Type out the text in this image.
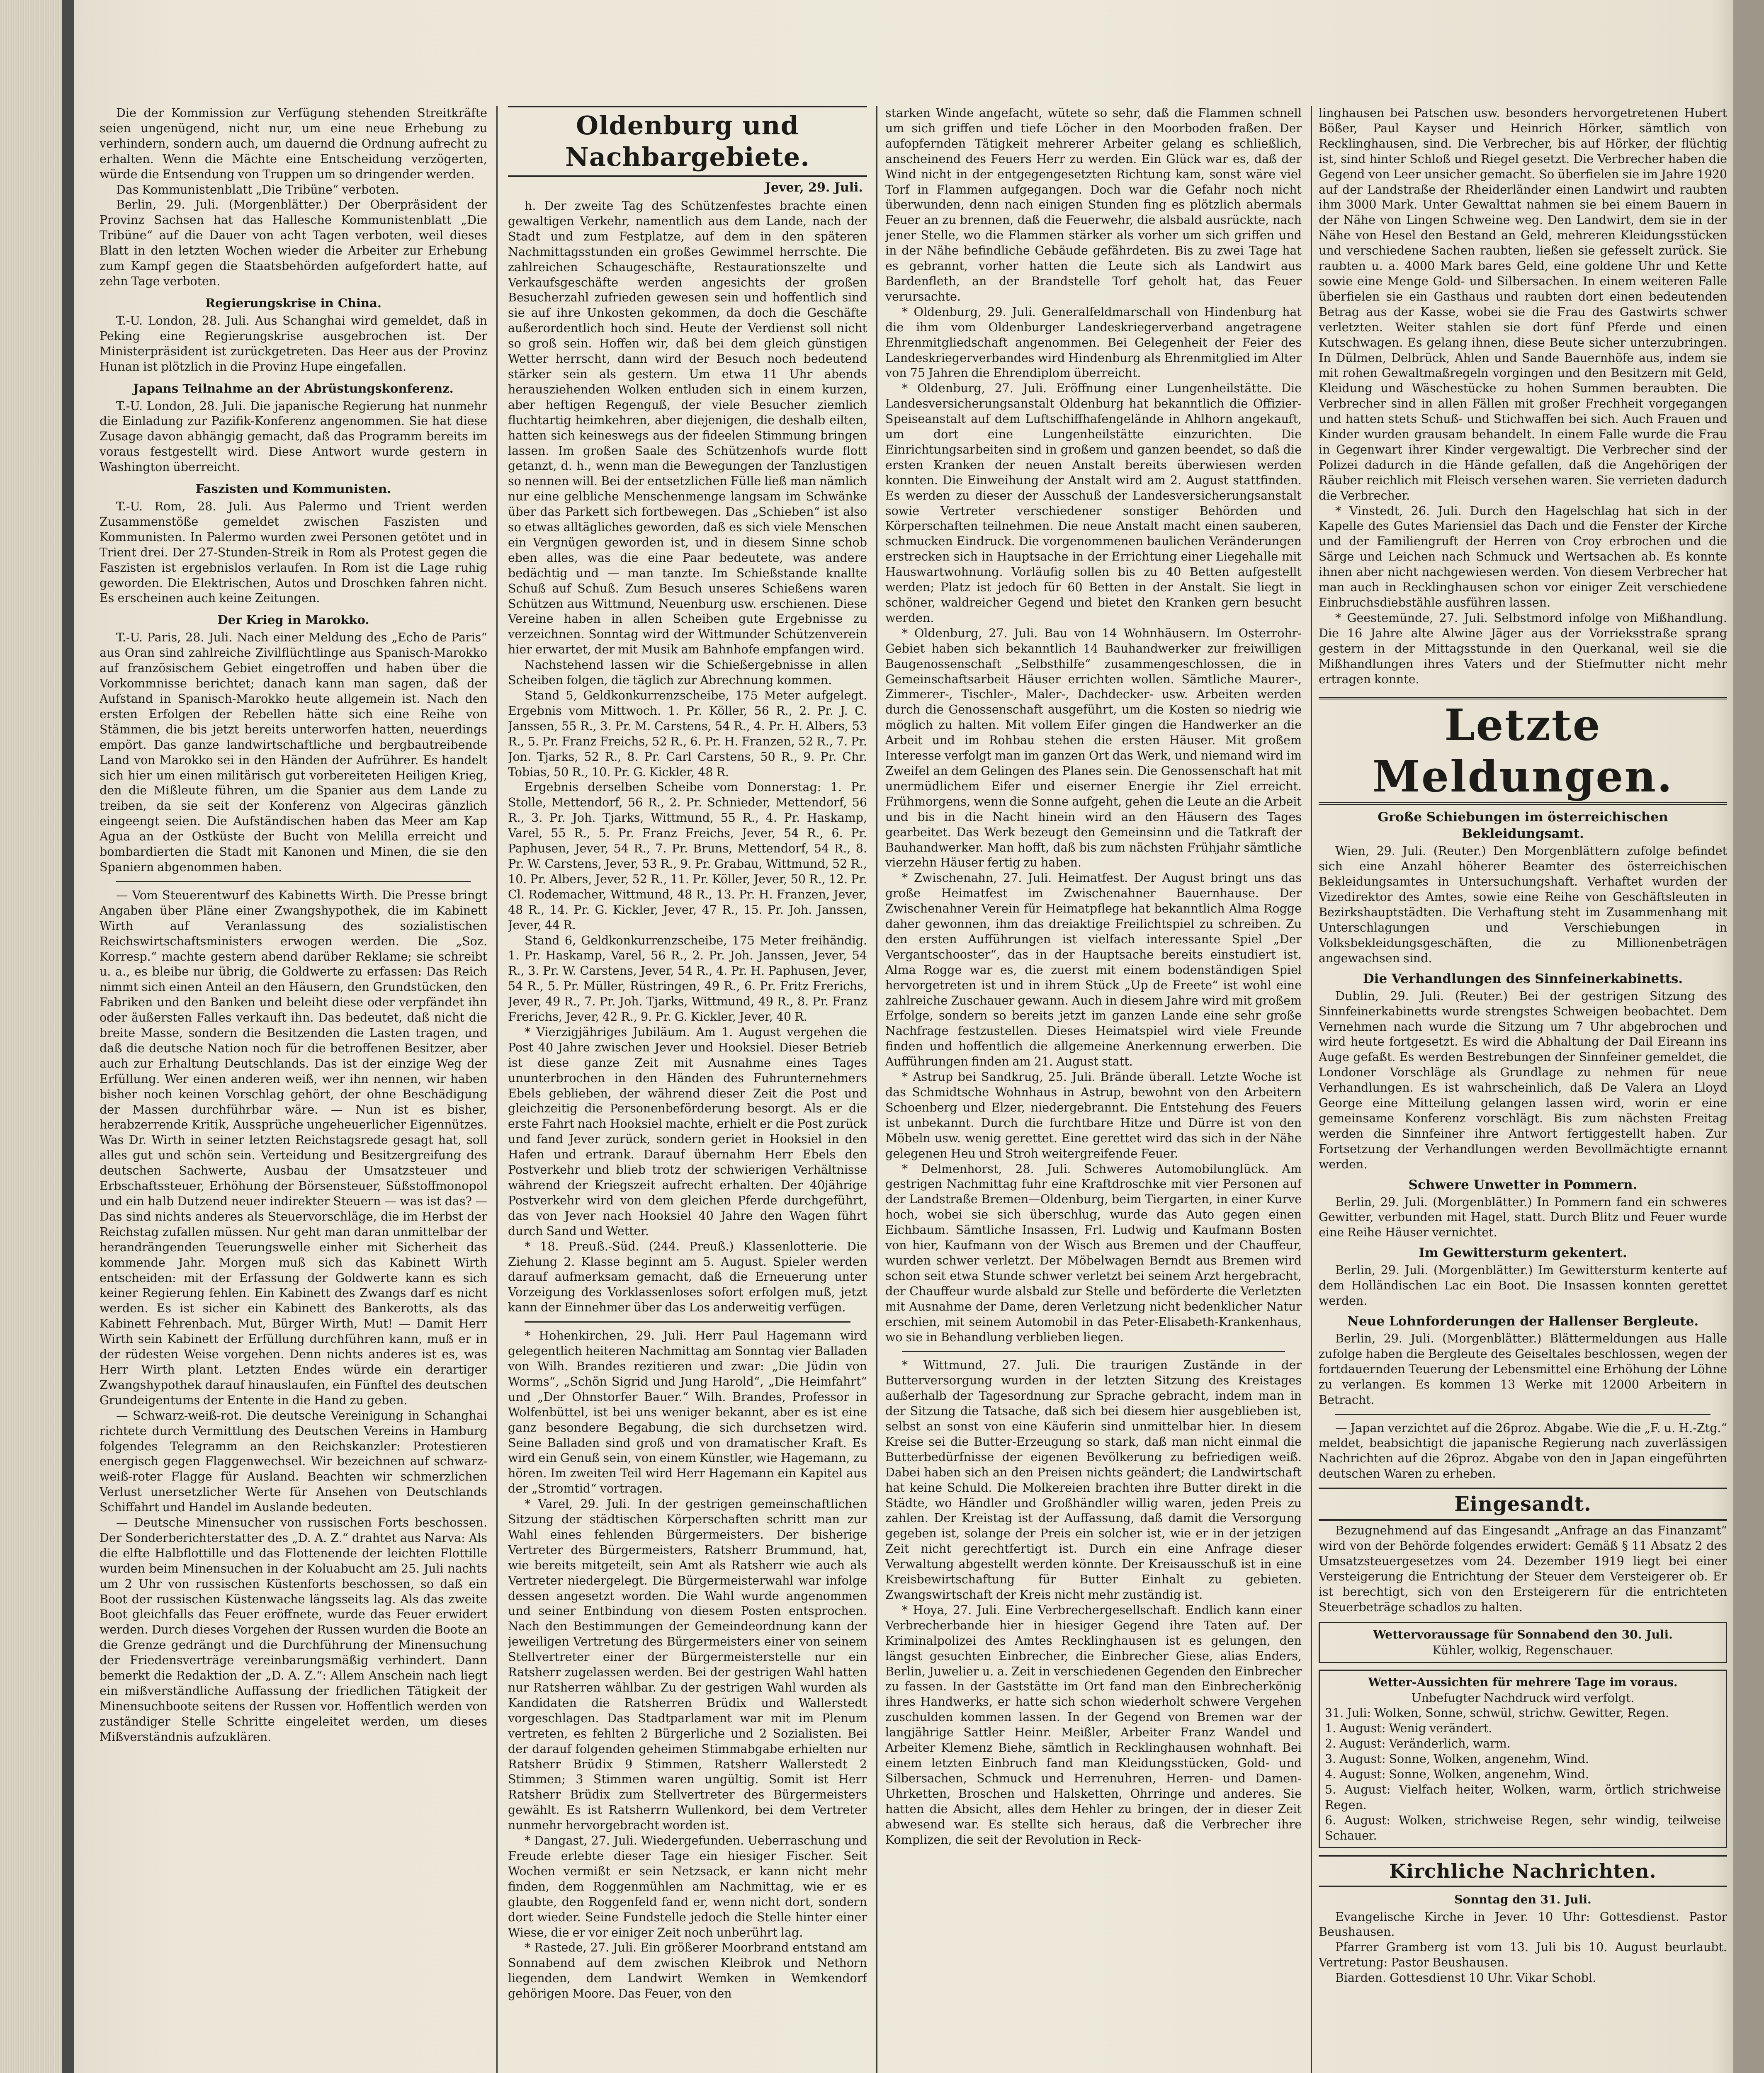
Die der Kommission zur Verfügung stehenden Streitkräfte seien ungenügend, nicht nur, um eine neue Erhebung zu verhindern, sondern auch, um dauernd die Ordnung aufrecht zu erhalten. Wenn die Mächte eine Entscheidung verzögerten, würde die Entsendung von Truppen um so dringender werden.

Das Kommunistenblatt „Die Tribüne“ verboten.

Berlin, 29. Juli. (Morgenblätter.) Der Oberpräsident der Provinz Sachsen hat das Hallesche Kommunistenblatt „Die Tribüne“ auf die Dauer von acht Tagen verboten, weil dieses Blatt in den letzten Wochen wieder die Arbeiter zur Erhebung zum Kampf gegen die Staatsbehörden aufgefordert hatte, auf zehn Tage verboten.

Regierungskrise in China.

T.-U. London, 28. Juli. Aus Schanghai wird gemeldet, daß in Peking eine Regierungskrise ausgebrochen ist. Der Ministerpräsident ist zurückgetreten. Das Heer aus der Provinz Hunan ist plötzlich in die Provinz Hupe eingefallen.

Japans Teilnahme an der Abrüstungskonferenz.

T.-U. London, 28. Juli. Die japanische Regierung hat nunmehr die Einladung zur Pazifik-Konferenz angenommen. Sie hat diese Zusage davon abhängig gemacht, daß das Programm bereits im voraus festgestellt wird. Diese Antwort wurde gestern in Washington überreicht.

Faszisten und Kommunisten.

T.-U. Rom, 28. Juli. Aus Palermo und Trient werden Zusammenstöße gemeldet zwischen Faszisten und Kommunisten. In Palermo wurden zwei Personen getötet und in Trient drei. Der 27-Stunden-Streik in Rom als Protest gegen die Faszisten ist ergebnislos verlaufen. In Rom ist die Lage ruhig geworden. Die Elektrischen, Autos und Droschken fahren nicht. Es erscheinen auch keine Zeitungen.

Der Krieg in Marokko.

T.-U. Paris, 28. Juli. Nach einer Meldung des „Echo de Paris“ aus Oran sind zahlreiche Zivilflüchtlinge aus Spanisch-Marokko auf französischem Gebiet eingetroffen und haben über die Vorkommnisse berichtet; danach kann man sagen, daß der Aufstand in Spanisch-Marokko heute allgemein ist. Nach den ersten Erfolgen der Rebellen hätte sich eine Reihe von Stämmen, die bis jetzt bereits unterworfen hatten, neuerdings empört. Das ganze landwirtschaftliche und bergbautreibende Land von Marokko sei in den Händen der Aufrührer. Es handelt sich hier um einen militärisch gut vorbereiteten Heiligen Krieg, den die Mißleute führen, um die Spanier aus dem Lande zu treiben, da sie seit der Konferenz von Algeciras gänzlich eingeengt seien. Die Aufständischen haben das Meer am Kap Agua an der Ostküste der Bucht von Melilla erreicht und bombardierten die Stadt mit Kanonen und Minen, die sie den Spaniern abgenommen haben.

— Vom Steuerentwurf des Kabinetts Wirth. Die Presse bringt Angaben über Pläne einer Zwangshypothek, die im Kabinett Wirth auf Veranlassung des sozialistischen Reichswirtschaftsministers erwogen werden. Die „Soz. Korresp.“ machte gestern abend darüber Reklame; sie schreibt u. a., es bleibe nur übrig, die Goldwerte zu erfassen: Das Reich nimmt sich einen Anteil an den Häusern, den Grundstücken, den Fabriken und den Banken und beleiht diese oder verpfändet ihn oder äußersten Falles verkauft ihn. Das bedeutet, daß nicht die breite Masse, sondern die Besitzenden die Lasten tragen, und daß die deutsche Nation noch für die betroffenen Besitzer, aber auch zur Erhaltung Deutschlands. Das ist der einzige Weg der Erfüllung. Wer einen anderen weiß, wer ihn nennen, wir haben bisher noch keinen Vorschlag gehört, der ohne Beschädigung der Massen durchführbar wäre. — Nun ist es bisher, herabzerrende Kritik, Aussprüche ungeheuerlicher Eigennützes. Was Dr. Wirth in seiner letzten Reichstagsrede gesagt hat, soll alles gut und schön sein. Verteidung und Besitzergreifung des deutschen Sachwerte, Ausbau der Umsatzsteuer und Erbschaftssteuer, Erhöhung der Börsensteuer, Süßstoffmonopol und ein halb Dutzend neuer indirekter Steuern — was ist das? — Das sind nichts anderes als Steuervorschläge, die im Herbst der Reichstag zufallen müssen. Nur geht man daran unmittelbar der herandrängenden Teuerungswelle einher mit Sicherheit das kommende Jahr. Morgen muß sich das Kabinett Wirth entscheiden: mit der Erfassung der Goldwerte kann es sich keiner Regierung fehlen. Ein Kabinett des Zwangs darf es nicht werden. Es ist sicher ein Kabinett des Bankerotts, als das Kabinett Fehrenbach. Mut, Bürger Wirth, Mut! — Damit Herr Wirth sein Kabinett der Erfüllung durchführen kann, muß er in der rüdesten Weise vorgehen. Denn nichts anderes ist es, was Herr Wirth plant. Letzten Endes würde ein derartiger Zwangshypothek darauf hinauslaufen, ein Fünftel des deutschen Grundeigentums der Entente in die Hand zu geben.

— Schwarz-weiß-rot. Die deutsche Vereinigung in Schanghai richtete durch Vermittlung des Deutschen Vereins in Hamburg folgendes Telegramm an den Reichskanzler: Protestieren energisch gegen Flaggenwechsel. Wir bezeichnen auf schwarz-weiß-roter Flagge für Ausland. Beachten wir schmerzlichen Verlust unersetzlicher Werte für Ansehen von Deutschlands Schiffahrt und Handel im Auslande bedeuten.

— Deutsche Minensucher von russischen Forts beschossen. Der Sonderberichterstatter des „D. A. Z.“ drahtet aus Narva: Als die elfte Halbflottille und das Flottenende der leichten Flottille wurden beim Minensuchen in der Koluabucht am 25. Juli nachts um 2 Uhr von russischen Küstenforts beschossen, so daß ein Boot der russischen Küstenwache längsseits lag. Als das zweite Boot gleichfalls das Feuer eröffnete, wurde das Feuer erwidert werden. Durch dieses Vorgehen der Russen wurden die Boote an die Grenze gedrängt und die Durchführung der Minensuchung der Friedensverträge vereinbarungsmäßig verhindert. Dann bemerkt die Redaktion der „D. A. Z.“: Allem Anschein nach liegt ein mißverständliche Auffassung der friedlichen Tätigkeit der Minensuchboote seitens der Russen vor. Hoffentlich werden von zuständiger Stelle Schritte eingeleitet werden, um dieses Mißverständnis aufzuklären.

Oldenburg und Nachbargebiete.
Jever, 29. Juli.

h. Der zweite Tag des Schützenfestes brachte einen gewaltigen Verkehr, namentlich aus dem Lande, nach der Stadt und zum Festplatze, auf dem in den späteren Nachmittagsstunden ein großes Gewimmel herrschte. Die zahlreichen Schaugeschäfte, Restaurationszelte und Verkaufsgeschäfte werden angesichts der großen Besucherzahl zufrieden gewesen sein und hoffentlich sind sie auf ihre Unkosten gekommen, da doch die Geschäfte außerordentlich hoch sind. Heute der Verdienst soll nicht so groß sein. Hoffen wir, daß bei dem gleich günstigen Wetter herrscht, dann wird der Besuch noch bedeutend stärker sein als gestern. Um etwa 11 Uhr abends herausziehenden Wolken entluden sich in einem kurzen, aber heftigen Regenguß, der viele Besucher ziemlich fluchtartig heimkehren, aber diejenigen, die deshalb eilten, hatten sich keineswegs aus der fideelen Stimmung bringen lassen. Im großen Saale des Schützenhofs wurde flott getanzt, d. h., wenn man die Bewegungen der Tanzlustigen so nennen will. Bei der entsetzlichen Fülle ließ man nämlich nur eine gelbliche Menschenmenge langsam im Schwänke über das Parkett sich fortbewegen. Das „Schieben“ ist also so etwas alltägliches geworden, daß es sich viele Menschen ein Vergnügen geworden ist, und in diesem Sinne schob eben alles, was die eine Paar bedeutete, was andere bedächtig und — man tanzte. Im Schießstande knallte Schuß auf Schuß. Zum Besuch unseres Schießens waren Schützen aus Wittmund, Neuenburg usw. erschienen. Diese Vereine haben in allen Scheiben gute Ergebnisse zu verzeichnen. Sonntag wird der Wittmunder Schützenverein hier erwartet, der mit Musik am Bahnhofe empfangen wird.

Nachstehend lassen wir die Schießergebnisse in allen Scheiben folgen, die täglich zur Abrechnung kommen.

Stand 5, Geldkonkurrenzscheibe, 175 Meter aufgelegt. Ergebnis vom Mittwoch. 1. Pr. Köller, 56 R., 2. Pr. J. C. Janssen, 55 R., 3. Pr. M. Carstens, 54 R., 4. Pr. H. Albers, 53 R., 5. Pr. Franz Freichs, 52 R., 6. Pr. H. Franzen, 52 R., 7. Pr. Jon. Tjarks, 52 R., 8. Pr. Carl Carstens, 50 R., 9. Pr. Chr. Tobias, 50 R., 10. Pr. G. Kickler, 48 R.

Ergebnis derselben Scheibe vom Donnerstag: 1. Pr. Stolle, Mettendorf, 56 R., 2. Pr. Schnieder, Mettendorf, 56 R., 3. Pr. Joh. Tjarks, Wittmund, 55 R., 4. Pr. Haskamp, Varel, 55 R., 5. Pr. Franz Freichs, Jever, 54 R., 6. Pr. Paphusen, Jever, 54 R., 7. Pr. Bruns, Mettendorf, 54 R., 8. Pr. W. Carstens, Jever, 53 R., 9. Pr. Grabau, Wittmund, 52 R., 10. Pr. Albers, Jever, 52 R., 11. Pr. Köller, Jever, 50 R., 12. Pr. Cl. Rodemacher, Wittmund, 48 R., 13. Pr. H. Franzen, Jever, 48 R., 14. Pr. G. Kickler, Jever, 47 R., 15. Pr. Joh. Janssen, Jever, 44 R.

Stand 6, Geldkonkurrenzscheibe, 175 Meter freihändig. 1. Pr. Haskamp, Varel, 56 R., 2. Pr. Joh. Janssen, Jever, 54 R., 3. Pr. W. Carstens, Jever, 54 R., 4. Pr. H. Paphusen, Jever, 54 R., 5. Pr. Müller, Rüstringen, 49 R., 6. Pr. Fritz Frerichs, Jever, 49 R., 7. Pr. Joh. Tjarks, Wittmund, 49 R., 8. Pr. Franz Frerichs, Jever, 42 R., 9. Pr. G. Kickler, Jever, 40 R.

* Vierzigjähriges Jubiläum. Am 1. August vergehen die Post 40 Jahre zwischen Jever und Hooksiel. Dieser Betrieb ist diese ganze Zeit mit Ausnahme eines Tages ununterbrochen in den Händen des Fuhrunternehmers Ebels geblieben, der während dieser Zeit die Post und gleichzeitig die Personenbeförderung besorgt. Als er die erste Fahrt nach Hooksiel machte, erhielt er die Post zurück und fand Jever zurück, sondern geriet in Hooksiel in den Hafen und ertrank. Darauf übernahm Herr Ebels den Postverkehr und blieb trotz der schwierigen Verhältnisse während der Kriegszeit aufrecht erhalten. Der 40jährige Postverkehr wird von dem gleichen Pferde durchgeführt, das von Jever nach Hooksiel 40 Jahre den Wagen führt durch Sand und Wetter.

* 18. Preuß.-Süd. (244. Preuß.) Klassenlotterie. Die Ziehung 2. Klasse beginnt am 5. August. Spieler werden darauf aufmerksam gemacht, daß die Erneuerung unter Vorzeigung des Vorklassenloses sofort erfolgen muß, jetzt kann der Einnehmer über das Los anderweitig verfügen.

* Hohenkirchen, 29. Juli. Herr Paul Hagemann wird gelegentlich heiteren Nachmittag am Sonntag vier Balladen von Wilh. Brandes rezitieren und zwar: „Die Jüdin von Worms“, „Schön Sigrid und Jung Harold“, „Die Heimfahrt“ und „Der Ohnstorfer Bauer.“ Wilh. Brandes, Professor in Wolfenbüttel, ist bei uns weniger bekannt, aber es ist eine ganz besondere Begabung, die sich durchsetzen wird. Seine Balladen sind groß und von dramatischer Kraft. Es wird ein Genuß sein, von einem Künstler, wie Hagemann, zu hören. Im zweiten Teil wird Herr Hagemann ein Kapitel aus der „Stromtid“ vortragen.

* Varel, 29. Juli. In der gestrigen gemeinschaftlichen Sitzung der städtischen Körperschaften schritt man zur Wahl eines fehlenden Bürgermeisters. Der bisherige Vertreter des Bürgermeisters, Ratsherr Brummund, hat, wie bereits mitgeteilt, sein Amt als Ratsherr wie auch als Vertreter niedergelegt. Die Bürgermeisterwahl war infolge dessen angesetzt worden. Die Wahl wurde angenommen und seiner Entbindung von diesem Posten entsprochen. Nach den Bestimmungen der Gemeindeordnung kann der jeweiligen Vertretung des Bürgermeisters einer von seinem Stellvertreter einer der Bürgermeisterstelle nur ein Ratsherr zugelassen werden. Bei der gestrigen Wahl hatten nur Ratsherren wählbar. Zu der gestrigen Wahl wurden als Kandidaten die Ratsherren Brüdix und Wallerstedt vorgeschlagen. Das Stadtparlament war mit im Plenum vertreten, es fehlten 2 Bürgerliche und 2 Sozialisten. Bei der darauf folgenden geheimen Stimmabgabe erhielten nur Ratsherr Brüdix 9 Stimmen, Ratsherr Wallerstedt 2 Stimmen; 3 Stimmen waren ungültig. Somit ist Herr Ratsherr Brüdix zum Stellvertreter des Bürgermeisters gewählt. Es ist Ratsherrn Wullenkord, bei dem Vertreter nunmehr hervorgebracht worden ist.

* Dangast, 27. Juli. Wiedergefunden. Ueberraschung und Freude erlebte dieser Tage ein hiesiger Fischer. Seit Wochen vermißt er sein Netzsack, er kann nicht mehr finden, dem Roggenmühlen am Nachmittag, wie er es glaubte, den Roggenfeld fand er, wenn nicht dort, sondern dort wieder. Seine Fundstelle jedoch die Stelle hinter einer Wiese, die er vor einiger Zeit noch unberührt lag.

* Rastede, 27. Juli. Ein größerer Moorbrand entstand am Sonnabend auf dem zwischen Kleibrok und Nethorn liegenden, dem Landwirt Wemken in Wemkendorf gehörigen Moore. Das Feuer, von den

starken Winde angefacht, wütete so sehr, daß die Flammen schnell um sich griffen und tiefe Löcher in den Moorboden fraßen. Der aufopfernden Tätigkeit mehrerer Arbeiter gelang es schließlich, anscheinend des Feuers Herr zu werden. Ein Glück war es, daß der Wind nicht in der entgegengesetzten Richtung kam, sonst wäre viel Torf in Flammen aufgegangen. Doch war die Gefahr noch nicht überwunden, denn nach einigen Stunden fing es plötzlich abermals Feuer an zu brennen, daß die Feuerwehr, die alsbald ausrückte, nach jener Stelle, wo die Flammen stärker als vorher um sich griffen und in der Nähe befindliche Gebäude gefährdeten. Bis zu zwei Tage hat es gebrannt, vorher hatten die Leute sich als Landwirt aus Bardenfleth, an der Brandstelle Torf geholt hat, das Feuer verursachte.

* Oldenburg, 29. Juli. Generalfeldmarschall von Hindenburg hat die ihm vom Oldenburger Landeskriegerverband angetragene Ehrenmitgliedschaft angenommen. Bei Gelegenheit der Feier des Landeskriegerverbandes wird Hindenburg als Ehrenmitglied im Alter von 75 Jahren die Ehrendiplom überreicht.

* Oldenburg, 27. Juli. Eröffnung einer Lungenheilstätte. Die Landesversicherungsanstalt Oldenburg hat bekanntlich die Offizier-Speiseanstalt auf dem Luftschiffhafengelände in Ahlhorn angekauft, um dort eine Lungenheilstätte einzurichten. Die Einrichtungsarbeiten sind in großem und ganzen beendet, so daß die ersten Kranken der neuen Anstalt bereits überwiesen werden konnten. Die Einweihung der Anstalt wird am 2. August stattfinden. Es werden zu dieser der Ausschuß der Landesversicherungsanstalt sowie Vertreter verschiedener sonstiger Behörden und Körperschaften teilnehmen. Die neue Anstalt macht einen sauberen, schmucken Eindruck. Die vorgenommenen baulichen Veränderungen erstrecken sich in Hauptsache in der Errichtung einer Liegehalle mit Hauswartwohnung. Vorläufig sollen bis zu 40 Betten aufgestellt werden; Platz ist jedoch für 60 Betten in der Anstalt. Sie liegt in schöner, waldreicher Gegend und bietet den Kranken gern besucht werden.

* Oldenburg, 27. Juli. Bau von 14 Wohnhäusern. Im Osterrohr-Gebiet haben sich bekanntlich 14 Bauhandwerker zur freiwilligen Baugenossenschaft „Selbsthilfe“ zusammengeschlossen, die in Gemeinschaftsarbeit Häuser errichten wollen. Sämtliche Maurer-, Zimmerer-, Tischler-, Maler-, Dachdecker- usw. Arbeiten werden durch die Genossenschaft ausgeführt, um die Kosten so niedrig wie möglich zu halten. Mit vollem Eifer gingen die Handwerker an die Arbeit und im Rohbau stehen die ersten Häuser. Mit großem Interesse verfolgt man im ganzen Ort das Werk, und niemand wird im Zweifel an dem Gelingen des Planes sein. Die Genossenschaft hat mit unermüdlichem Eifer und eiserner Energie ihr Ziel erreicht. Frühmorgens, wenn die Sonne aufgeht, gehen die Leute an die Arbeit und bis in die Nacht hinein wird an den Häusern des Tages gearbeitet. Das Werk bezeugt den Gemeinsinn und die Tatkraft der Bauhandwerker. Man hofft, daß bis zum nächsten Frühjahr sämtliche vierzehn Häuser fertig zu haben.

* Zwischenahn, 27. Juli. Heimatfest. Der August bringt uns das große Heimatfest im Zwischenahner Bauernhause. Der Zwischenahner Verein für Heimatpflege hat bekanntlich Alma Rogge daher gewonnen, ihm das dreiaktige Freilichtspiel zu schreiben. Zu den ersten Aufführungen ist vielfach interessante Spiel „Der Vergantschooster“, das in der Hauptsache bereits einstudiert ist. Alma Rogge war es, die zuerst mit einem bodenständigen Spiel hervorgetreten ist und in ihrem Stück „Up de Freete“ ist wohl eine zahlreiche Zuschauer gewann. Auch in diesem Jahre wird mit großem Erfolge, sondern so bereits jetzt im ganzen Lande eine sehr große Nachfrage festzustellen. Dieses Heimatspiel wird viele Freunde finden und hoffentlich die allgemeine Anerkennung erwerben. Die Aufführungen finden am 21. August statt.

* Astrup bei Sandkrug, 25. Juli. Brände überall. Letzte Woche ist das Schmidtsche Wohnhaus in Astrup, bewohnt von den Arbeitern Schoenberg und Elzer, niedergebrannt. Die Entstehung des Feuers ist unbekannt. Durch die furchtbare Hitze und Dürre ist von den Möbeln usw. wenig gerettet. Eine gerettet wird das sich in der Nähe gelegenen Heu und Stroh weitergreifende Feuer.

* Delmenhorst, 28. Juli. Schweres Automobilunglück. Am gestrigen Nachmittag fuhr eine Kraftdroschke mit vier Personen auf der Landstraße Bremen—Oldenburg, beim Tiergarten, in einer Kurve hoch, wobei sie sich überschlug, wurde das Auto gegen einen Eichbaum. Sämtliche Insassen, Frl. Ludwig und Kaufmann Bosten von hier, Kaufmann von der Wisch aus Bremen und der Chauffeur, wurden schwer verletzt. Der Möbelwagen Berndt aus Bremen wird schon seit etwa Stunde schwer verletzt bei seinem Arzt hergebracht, der Chauffeur wurde alsbald zur Stelle und beförderte die Verletzten mit Ausnahme der Dame, deren Verletzung nicht bedenklicher Natur erschien, mit seinem Automobil in das Peter-Elisabeth-Krankenhaus, wo sie in Behandlung verblieben liegen.

* Wittmund, 27. Juli. Die traurigen Zustände in der Butterversorgung wurden in der letzten Sitzung des Kreistages außerhalb der Tagesordnung zur Sprache gebracht, indem man in der Sitzung die Tatsache, daß sich bei diesem hier ausgeblieben ist, selbst an sonst von eine Käuferin sind unmittelbar hier. In diesem Kreise sei die Butter-Erzeugung so stark, daß man nicht einmal die Butterbedürfnisse der eigenen Bevölkerung zu befriedigen weiß. Dabei haben sich an den Preisen nichts geändert; die Landwirtschaft hat keine Schuld. Die Molkereien brachten ihre Butter direkt in die Städte, wo Händler und Großhändler willig waren, jeden Preis zu zahlen. Der Kreistag ist der Auffassung, daß damit die Versorgung gegeben ist, solange der Preis ein solcher ist, wie er in der jetzigen Zeit nicht gerechtfertigt ist. Durch ein eine Anfrage dieser Verwaltung abgestellt werden könnte. Der Kreisausschuß ist in eine Kreisbewirtschaftung für Butter Einhalt zu gebieten. Zwangswirtschaft der Kreis nicht mehr zuständig ist.

* Hoya, 27. Juli. Eine Verbrechergesellschaft. Endlich kann einer Verbrecherbande hier in hiesiger Gegend ihre Taten auf. Der Kriminalpolizei des Amtes Recklinghausen ist es gelungen, den längst gesuchten Einbrecher, die Einbrecher Giese, alias Enders, Berlin, Juwelier u. a. Zeit in verschiedenen Gegenden den Einbrecher zu fassen. In der Gaststätte im Ort fand man den Einbrecherkönig ihres Handwerks, er hatte sich schon wiederholt schwere Vergehen zuschulden kommen lassen. In der Gegend von Bremen war der langjährige Sattler Heinr. Meißler, Arbeiter Franz Wandel und Arbeiter Klemenz Biehe, sämtlich in Recklinghausen wohnhaft. Bei einem letzten Einbruch fand man Kleidungsstücken, Gold- und Silbersachen, Schmuck und Herrenuhren, Herren- und Damen-Uhrketten, Broschen und Halsketten, Ohrringe und anderes. Sie hatten die Absicht, alles dem Hehler zu bringen, der in dieser Zeit abwesend war. Es stellte sich heraus, daß die Verbrecher ihre Komplizen, die seit der Revolution in Reck-

linghausen bei Patschen usw. besonders hervorgetretenen Hubert Bößer, Paul Kayser und Heinrich Hörker, sämtlich von Recklinghausen, sind. Die Verbrecher, bis auf Hörker, der flüchtig ist, sind hinter Schloß und Riegel gesetzt. Die Verbrecher haben die Gegend von Leer unsicher gemacht. So überfielen sie im Jahre 1920 auf der Landstraße der Rheiderländer einen Landwirt und raubten ihm 3000 Mark. Unter Gewalttat nahmen sie bei einem Bauern in der Nähe von Lingen Schweine weg. Den Landwirt, dem sie in der Nähe von Hesel den Bestand an Geld, mehreren Kleidungsstücken und verschiedene Sachen raubten, ließen sie gefesselt zurück. Sie raubten u. a. 4000 Mark bares Geld, eine goldene Uhr und Kette sowie eine Menge Gold- und Silbersachen. In einem weiteren Falle überfielen sie ein Gasthaus und raubten dort einen bedeutenden Betrag aus der Kasse, wobei sie die Frau des Gastwirts schwer verletzten. Weiter stahlen sie dort fünf Pferde und einen Kutschwagen. Es gelang ihnen, diese Beute sicher unterzubringen. In Dülmen, Delbrück, Ahlen und Sande Bauernhöfe aus, indem sie mit rohen Gewaltmaßregeln vorgingen und den Besitzern mit Geld, Kleidung und Wäschestücke zu hohen Summen beraubten. Die Verbrecher sind in allen Fällen mit großer Frechheit vorgegangen und hatten stets Schuß- und Stichwaffen bei sich. Auch Frauen und Kinder wurden grausam behandelt. In einem Falle wurde die Frau in Gegenwart ihrer Kinder vergewaltigt. Die Verbrecher sind der Polizei dadurch in die Hände gefallen, daß die Angehörigen der Räuber reichlich mit Fleisch versehen waren. Sie verrieten dadurch die Verbrecher.

* Vinstedt, 26. Juli. Durch den Hagelschlag hat sich in der Kapelle des Gutes Mariensiel das Dach und die Fenster der Kirche und der Familiengruft der Herren von Croy erbrochen und die Särge und Leichen nach Schmuck und Wertsachen ab. Es konnte ihnen aber nicht nachgewiesen werden. Von diesem Verbrecher hat man auch in Recklinghausen schon vor einiger Zeit verschiedene Einbruchsdiebstähle ausführen lassen.

* Geestemünde, 27. Juli. Selbstmord infolge von Mißhandlung. Die 16 Jahre alte Alwine Jäger aus der Vorrieksstraße sprang gestern in der Mittagsstunde in den Querkanal, weil sie die Mißhandlungen ihres Vaters und der Stiefmutter nicht mehr ertragen konnte.

Letzte Meldungen.
Große Schiebungen im österreichischen Bekleidungsamt.

Wien, 29. Juli. (Reuter.) Den Morgenblättern zufolge befindet sich eine Anzahl höherer Beamter des österreichischen Bekleidungsamtes in Untersuchungshaft. Verhaftet wurden der Vizedirektor des Amtes, sowie eine Reihe von Geschäftsleuten in Bezirkshauptstädten. Die Verhaftung steht im Zusammenhang mit Unterschlagungen und Verschiebungen in Volksbekleidungsgeschäften, die zu Millionenbeträgen angewachsen sind.

Die Verhandlungen des Sinnfeinerkabinetts.

Dublin, 29. Juli. (Reuter.) Bei der gestrigen Sitzung des Sinnfeinerkabinetts wurde strengstes Schweigen beobachtet. Dem Vernehmen nach wurde die Sitzung um 7 Uhr abgebrochen und wird heute fortgesetzt. Es wird die Abhaltung der Dail Eireann ins Auge gefaßt. Es werden Bestrebungen der Sinnfeiner gemeldet, die Londoner Vorschläge als Grundlage zu nehmen für neue Verhandlungen. Es ist wahrscheinlich, daß De Valera an Lloyd George eine Mitteilung gelangen lassen wird, worin er eine gemeinsame Konferenz vorschlägt. Bis zum nächsten Freitag werden die Sinnfeiner ihre Antwort fertiggestellt haben. Zur Fortsetzung der Verhandlungen werden Bevollmächtigte ernannt werden.

Schwere Unwetter in Pommern.

Berlin, 29. Juli. (Morgenblätter.) In Pommern fand ein schweres Gewitter, verbunden mit Hagel, statt. Durch Blitz und Feuer wurde eine Reihe Häuser vernichtet.

Im Gewittersturm gekentert.

Berlin, 29. Juli. (Morgenblätter.) Im Gewittersturm kenterte auf dem Holländischen Lac ein Boot. Die Insassen konnten gerettet werden.

Neue Lohnforderungen der Hallenser Bergleute.

Berlin, 29. Juli. (Morgenblätter.) Blättermeldungen aus Halle zufolge haben die Bergleute des Geiseltales beschlossen, wegen der fortdauernden Teuerung der Lebensmittel eine Erhöhung der Löhne zu verlangen. Es kommen 13 Werke mit 12000 Arbeitern in Betracht.

— Japan verzichtet auf die 26proz. Abgabe. Wie die „F. u. H.-Ztg.“ meldet, beabsichtigt die japanische Regierung nach zuverlässigen Nachrichten auf die 26proz. Abgabe von den in Japan eingeführten deutschen Waren zu erheben.

Eingesandt.

Bezugnehmend auf das Eingesandt „Anfrage an das Finanzamt“ wird von der Behörde folgendes erwidert: Gemäß § 11 Absatz 2 des Umsatzsteuergesetzes vom 24. Dezember 1919 liegt bei einer Versteigerung die Entrichtung der Steuer dem Versteigerer ob. Er ist berechtigt, sich von den Ersteigerern für die entrichteten Steuerbeträge schadlos zu halten.

Wettervoraussage für Sonnabend den 30. Juli.

Kühler, wolkig, Regenschauer.

Wetter-Aussichten für mehrere Tage im voraus.

Unbefugter Nachdruck wird verfolgt.

31. Juli: Wolken, Sonne, schwül, strichw. Gewitter, Regen.

1. August: Wenig verändert.

2. August: Veränderlich, warm.

3. August: Sonne, Wolken, angenehm, Wind.

4. August: Sonne, Wolken, angenehm, Wind.

5. August: Vielfach heiter, Wolken, warm, örtlich strichweise Regen.

6. August: Wolken, strichweise Regen, sehr windig, teilweise Schauer.

Kirchliche Nachrichten.
Sonntag den 31. Juli.

Evangelische Kirche in Jever. 10 Uhr: Gottesdienst. Pastor Beushausen.

Pfarrer Gramberg ist vom 13. Juli bis 10. August beurlaubt. Vertretung: Pastor Beushausen.

Biarden. Gottesdienst 10 Uhr. Vikar Schobl.
